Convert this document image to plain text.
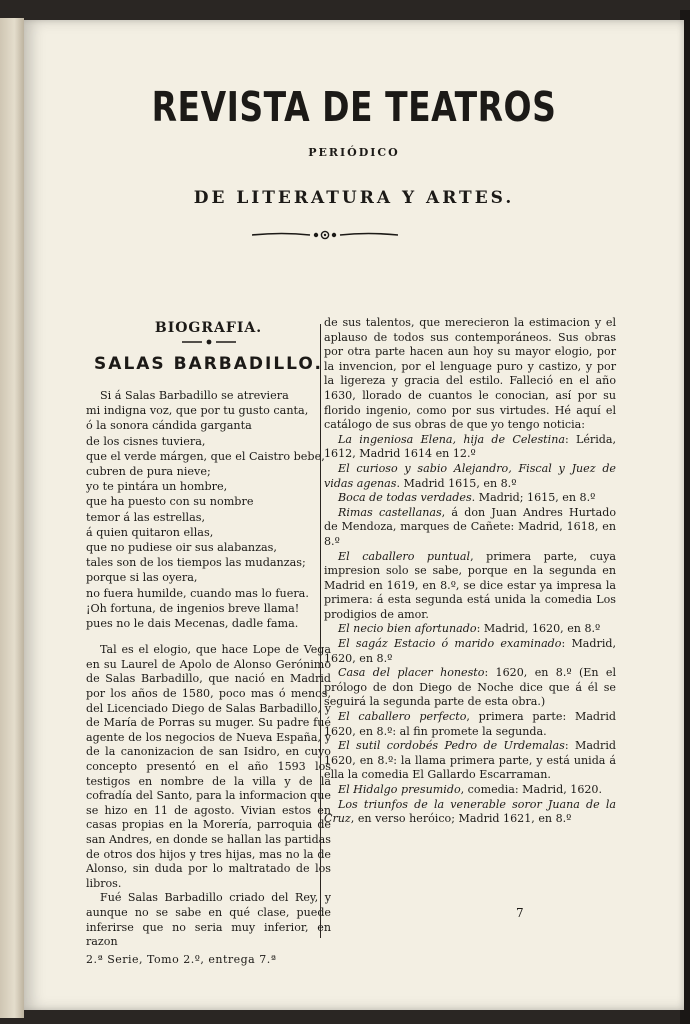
REVISTA DE TEATROS
PERIÓDICO
DE LITERATURA Y ARTES.
BIOGRAFIA.
SALAS BARBADILLO.
Si á Salas Barbadillo se atreviera
mi indigna voz, que por tu gusto canta,
ó la sonora cándida garganta
de los cisnes tuviera,
que el verde márgen, que el Caistro bebe,
cubren de pura nieve;
yo te pintára un hombre,
que ha puesto con su nombre
temor á las estrellas,
á quien quitaron ellas,
que no pudiese oir sus alabanzas,
tales son de los tiempos las mudanzas;
porque si las oyera,
no fuera humilde, cuando mas lo fuera.
¡Oh fortuna, de ingenios breve llama!
pues no le dais Mecenas, dadle fama.

Tal es el elogio, que hace Lope de Vega en su Laurel de Apolo de Alonso Gerónimo de Salas Barbadillo, que nació en Madrid por los años de 1580, poco mas ó menos, del Licenciado Diego de Salas Barbadillo, y de María de Porras su muger. Su padre fué agente de los negocios de Nueva España, y de la canonizacion de san Isidro, en cuyo concepto presentó en el año 1593 los testigos en nombre de la villa y de la cofradía del Santo, para la informacion que se hizo en 11 de agosto. Vivian estos en casas propias en la Morería, parroquia de san Andres, en donde se hallan las partidas de otros dos hijos y tres hijas, mas no la de Alonso, sin duda por lo maltratado de los libros.

Fué Salas Barbadillo criado del Rey, y aunque no se sabe en qué clase, puede inferirse que no seria muy inferior, en razon

2.ª Serie, Tomo 2.º, entrega 7.ª

de sus talentos, que merecieron la estimacion y el aplauso de todos sus contemporáneos. Sus obras por otra parte hacen aun hoy su mayor elogio, por la invencion, por el lenguage puro y castizo, y por la ligereza y gracia del estilo. Falleció en el año 1630, llorado de cuantos le conocian, así por su florido ingenio, como por sus virtudes. Hé aquí el catálogo de sus obras de que yo tengo noticia:

La ingeniosa Elena, hija de Celestina: Lérida, 1612, Madrid 1614 en 12.º

El curioso y sabio Alejandro, Fiscal y Juez de vidas agenas. Madrid 1615, en 8.º

Boca de todas verdades. Madrid; 1615, en 8.º

Rimas castellanas, á don Juan Andres Hurtado de Mendoza, marques de Cañete: Madrid, 1618, en 8.º

El caballero puntual, primera parte, cuya impresion solo se sabe, porque en la segunda en Madrid en 1619, en 8.º, se dice estar ya impresa la primera: á esta segunda está unida la comedia Los prodigios de amor.

El necio bien afortunado: Madrid, 1620, en 8.º

El sagáz Estacio ó marido examinado: Madrid, 1620, en 8.º

Casa del placer honesto: 1620, en 8.º (En el prólogo de don Diego de Noche dice que á él se seguirá la segunda parte de esta obra.)

El caballero perfecto, primera parte: Madrid 1620, en 8.º: al fin promete la segunda.

El sutil cordobés Pedro de Urdemalas: Madrid 1620, en 8.º: la llama primera parte, y está unida á ella la comedia El Gallardo Escarraman.

El Hidalgo presumido, comedia: Madrid, 1620.

Los triunfos de la venerable soror Juana de la Cruz, en verso heróico; Madrid 1621, en 8.º

7
